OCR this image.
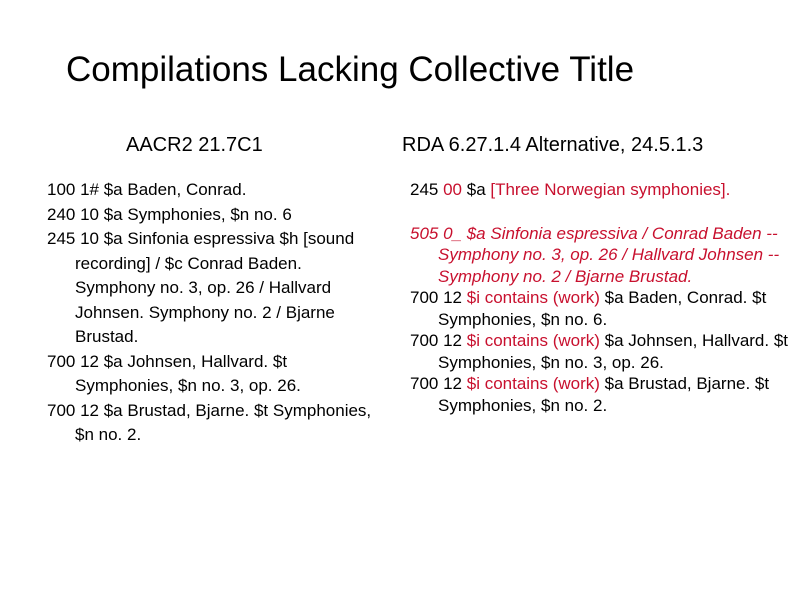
Compilations Lacking Collective Title
AACR2 21.7C1	RDA 6.27.1.4 Alternative, 24.5.1.3

100 1# $a Baden, Conrad.

240 10 $a Symphonies, $n no. 6

245 10 $a Sinfonia espressiva $h [sound recording] / $c Conrad Baden. Symphony no. 3, op. 26 / Hallvard Johnsen. Symphony no. 2 / Bjarne Brustad.

700 12 $a Johnsen, Hallvard. $t Symphonies, $n no. 3, op. 26.

700 12 $a Brustad, Bjarne. $t Symphonies, $n no. 2.

245 00 $a [Three Norwegian symphonies].

505 0_ $a Sinfonia espressiva / Conrad Baden -- Symphony no. 3, op. 26 / Hallvard Johnsen --Symphony no. 2 / Bjarne Brustad.

700 12 $i contains (work) $a Baden, Conrad. $t Symphonies, $n no. 6.

700 12 $i contains (work) $a Johnsen, Hallvard. $t Symphonies, $n no. 3, op. 26.

700 12 $i contains (work) $a Brustad, Bjarne. $t Symphonies, $n no. 2.
